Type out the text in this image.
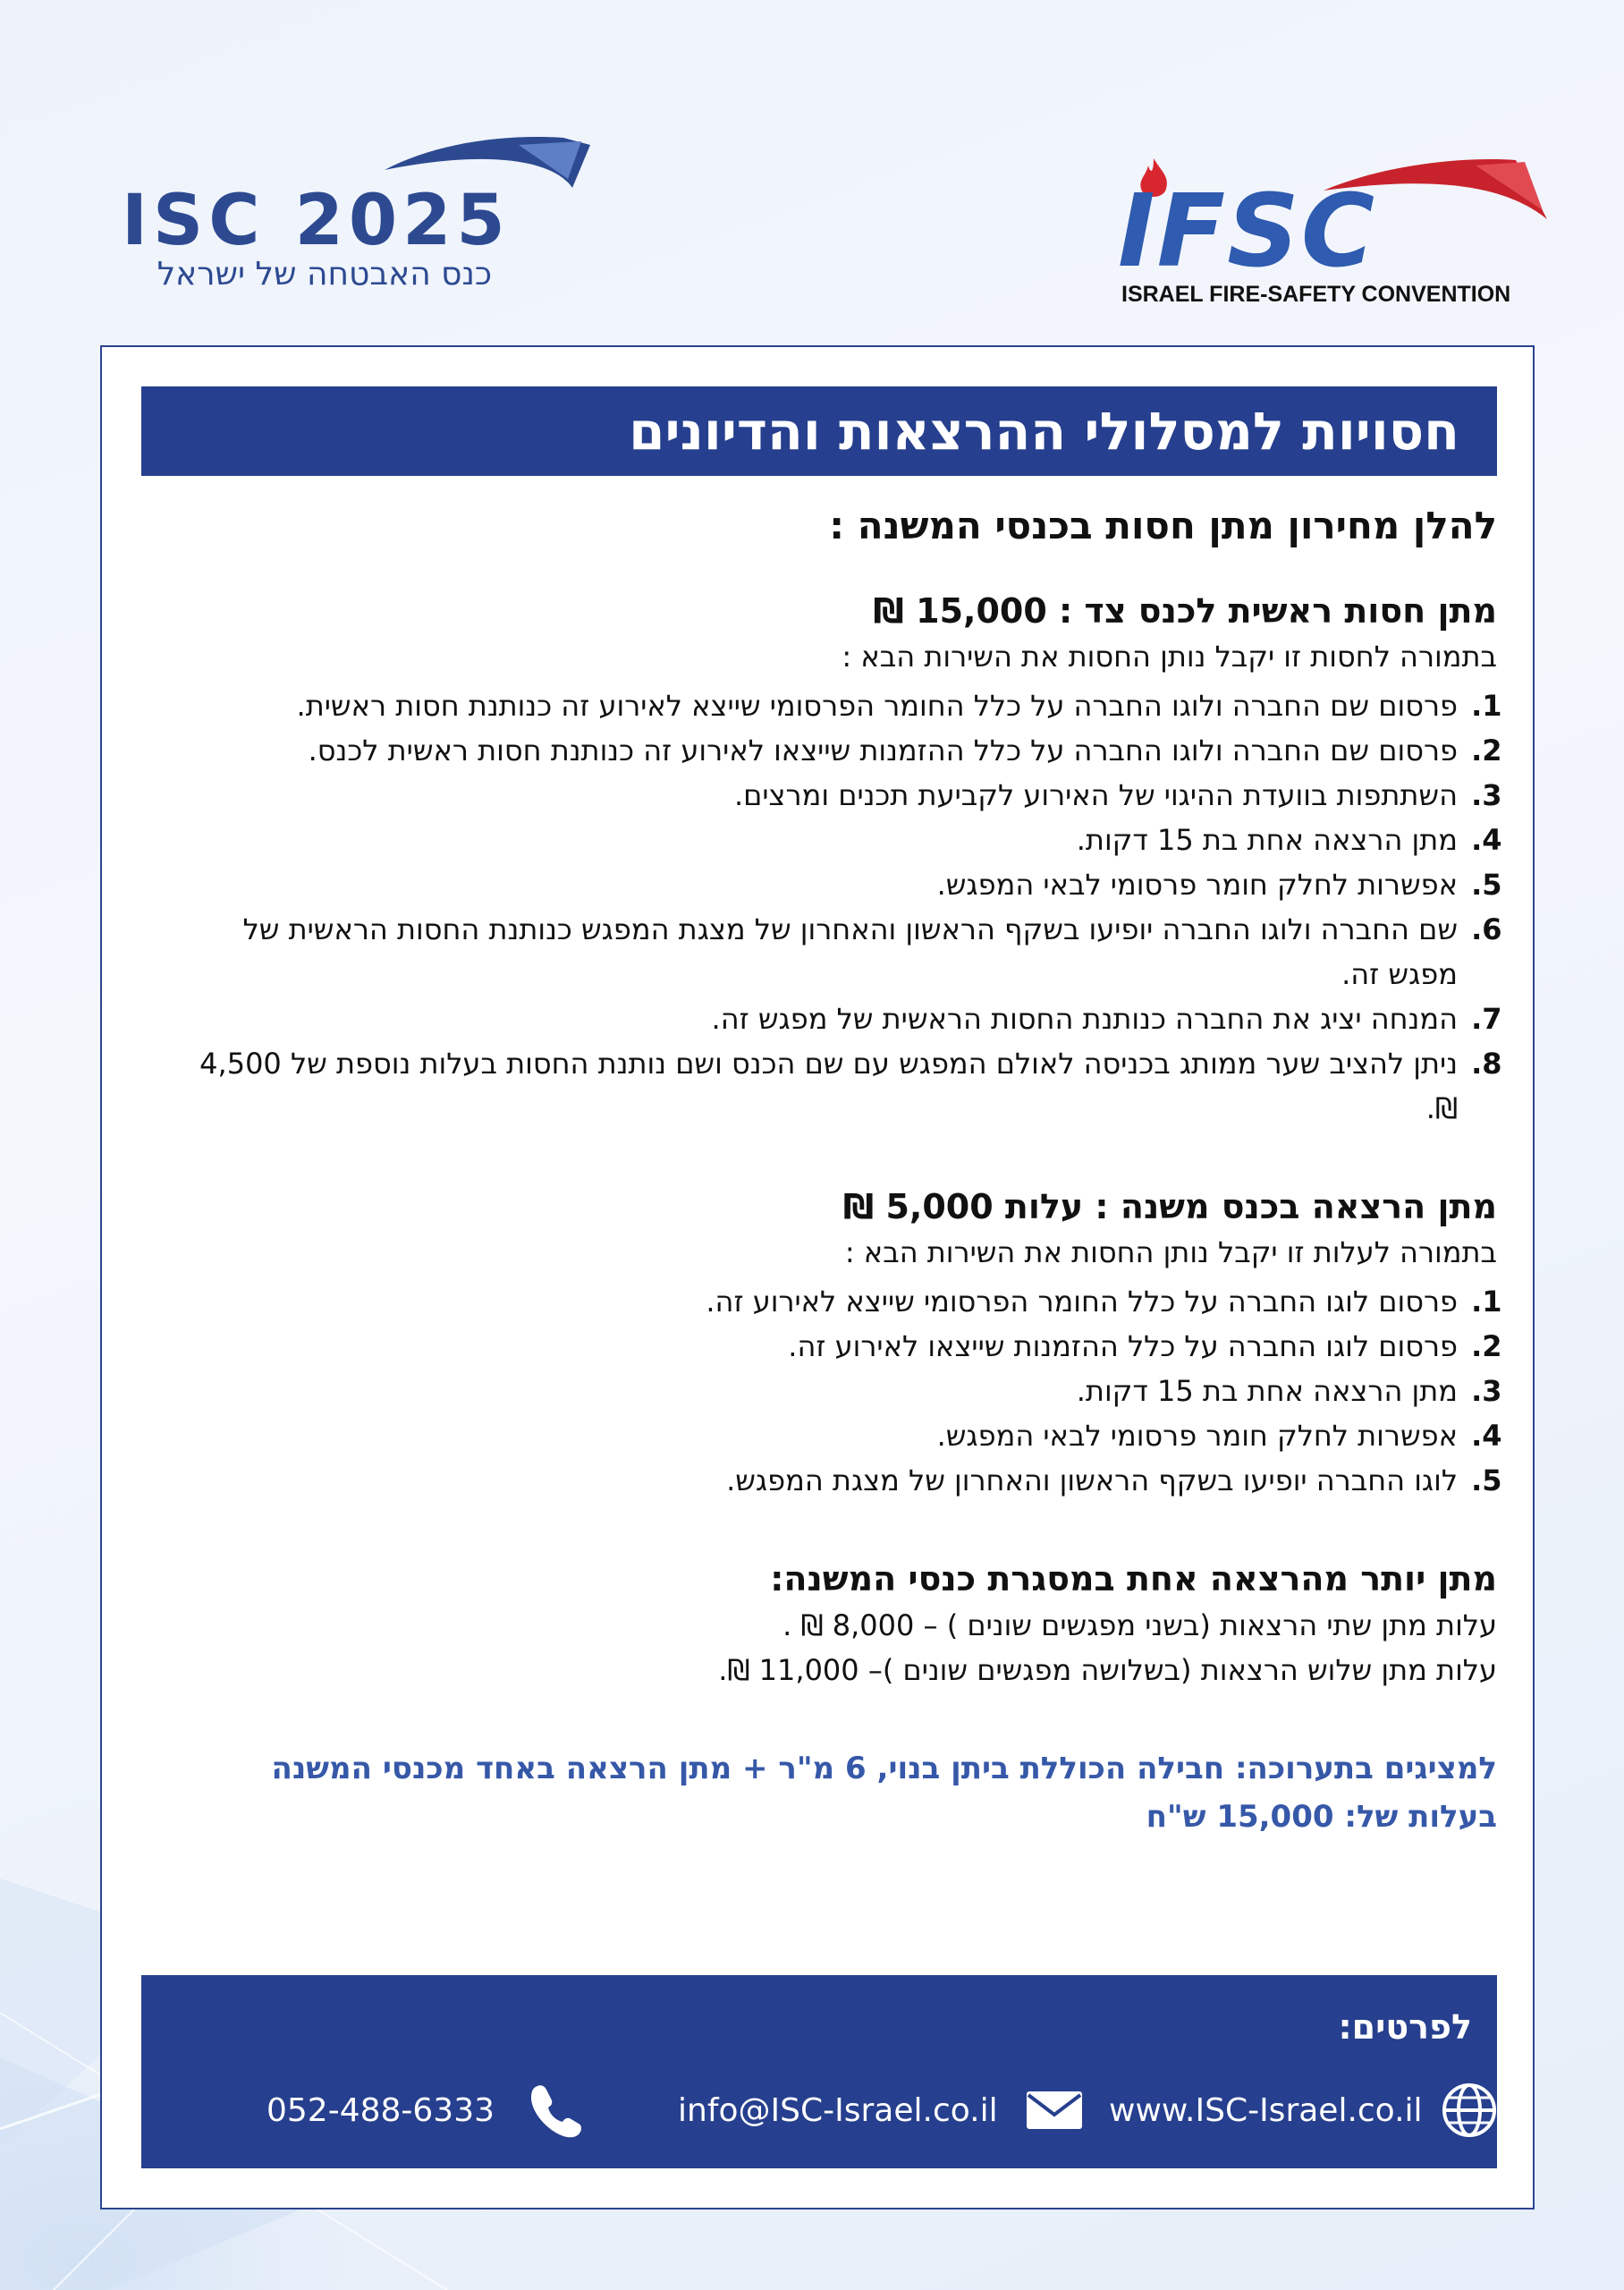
ISC 2025
כנס האבטחה של ישראל	IFSC
ISRAEL FIRE-SAFETY CONVENTION
חסויות למסלולי ההרצאות והדיונים

להלן מחירון מתן חסות בכנסי המשנה :

מתן חסות ראשית לכנס צד : 15,000 ₪

בתמורה לחסות זו יקבל נותן החסות את השירות הבא :

1. פרסום שם החברה ולוגו החברה על כלל החומר הפרסומי שייצא לאירוע זה כנותנת חסות ראשית.
2. פרסום שם החברה ולוגו החברה על כלל ההזמנות שייצאו לאירוע זה כנותנת חסות ראשית לכנס.
3. השתתפות בוועדת ההיגוי של האירוע לקביעת תכנים ומרצים.
4. מתן הרצאה אחת בת 15 דקות.
5. אפשרות לחלק חומר פרסומי לבאי המפגש.
6. שם החברה ולוגו החברה יופיעו בשקף הראשון והאחרון של מצגת המפגש כנותנת החסות הראשית של מפגש זה.
7. המנחה יציג את החברה כנותנת החסות הראשית של מפגש זה.
8. ניתן להציב שער ממותג בכניסה לאולם המפגש עם שם הכנס ושם נותנת החסות בעלות נוספת של 4,500 ₪.

מתן הרצאה בכנס משנה : עלות 5,000 ₪

בתמורה לעלות זו יקבל נותן החסות את השירות הבא :

1. פרסום לוגו החברה על כלל החומר הפרסומי שייצא לאירוע זה.
2. פרסום לוגו החברה על כלל ההזמנות שייצאו לאירוע זה.
3. מתן הרצאה אחת בת 15 דקות.
4. אפשרות לחלק חומר פרסומי לבאי המפגש.
5. לוגו החברה יופיעו בשקף הראשון והאחרון של מצגת המפגש.

מתן יותר מהרצאה אחת במסגרת כנסי המשנה:

עלות מתן שתי הרצאות (בשני מפגשים שונים ) – 8,000 ₪ .

עלות מתן שלוש הרצאות (בשלושה מפגשים שונים )– 11,000 ₪.

למציגים בתערוכה: חבילה הכוללת ביתן בנוי, 6 מ"ר + מתן הרצאה באחד מכנסי המשנה

בעלות של: 15,000 ש"ח

לפרטים:
052-488-6333	info@ISC-Israel.co.il	www.ISC-Israel.co.il
